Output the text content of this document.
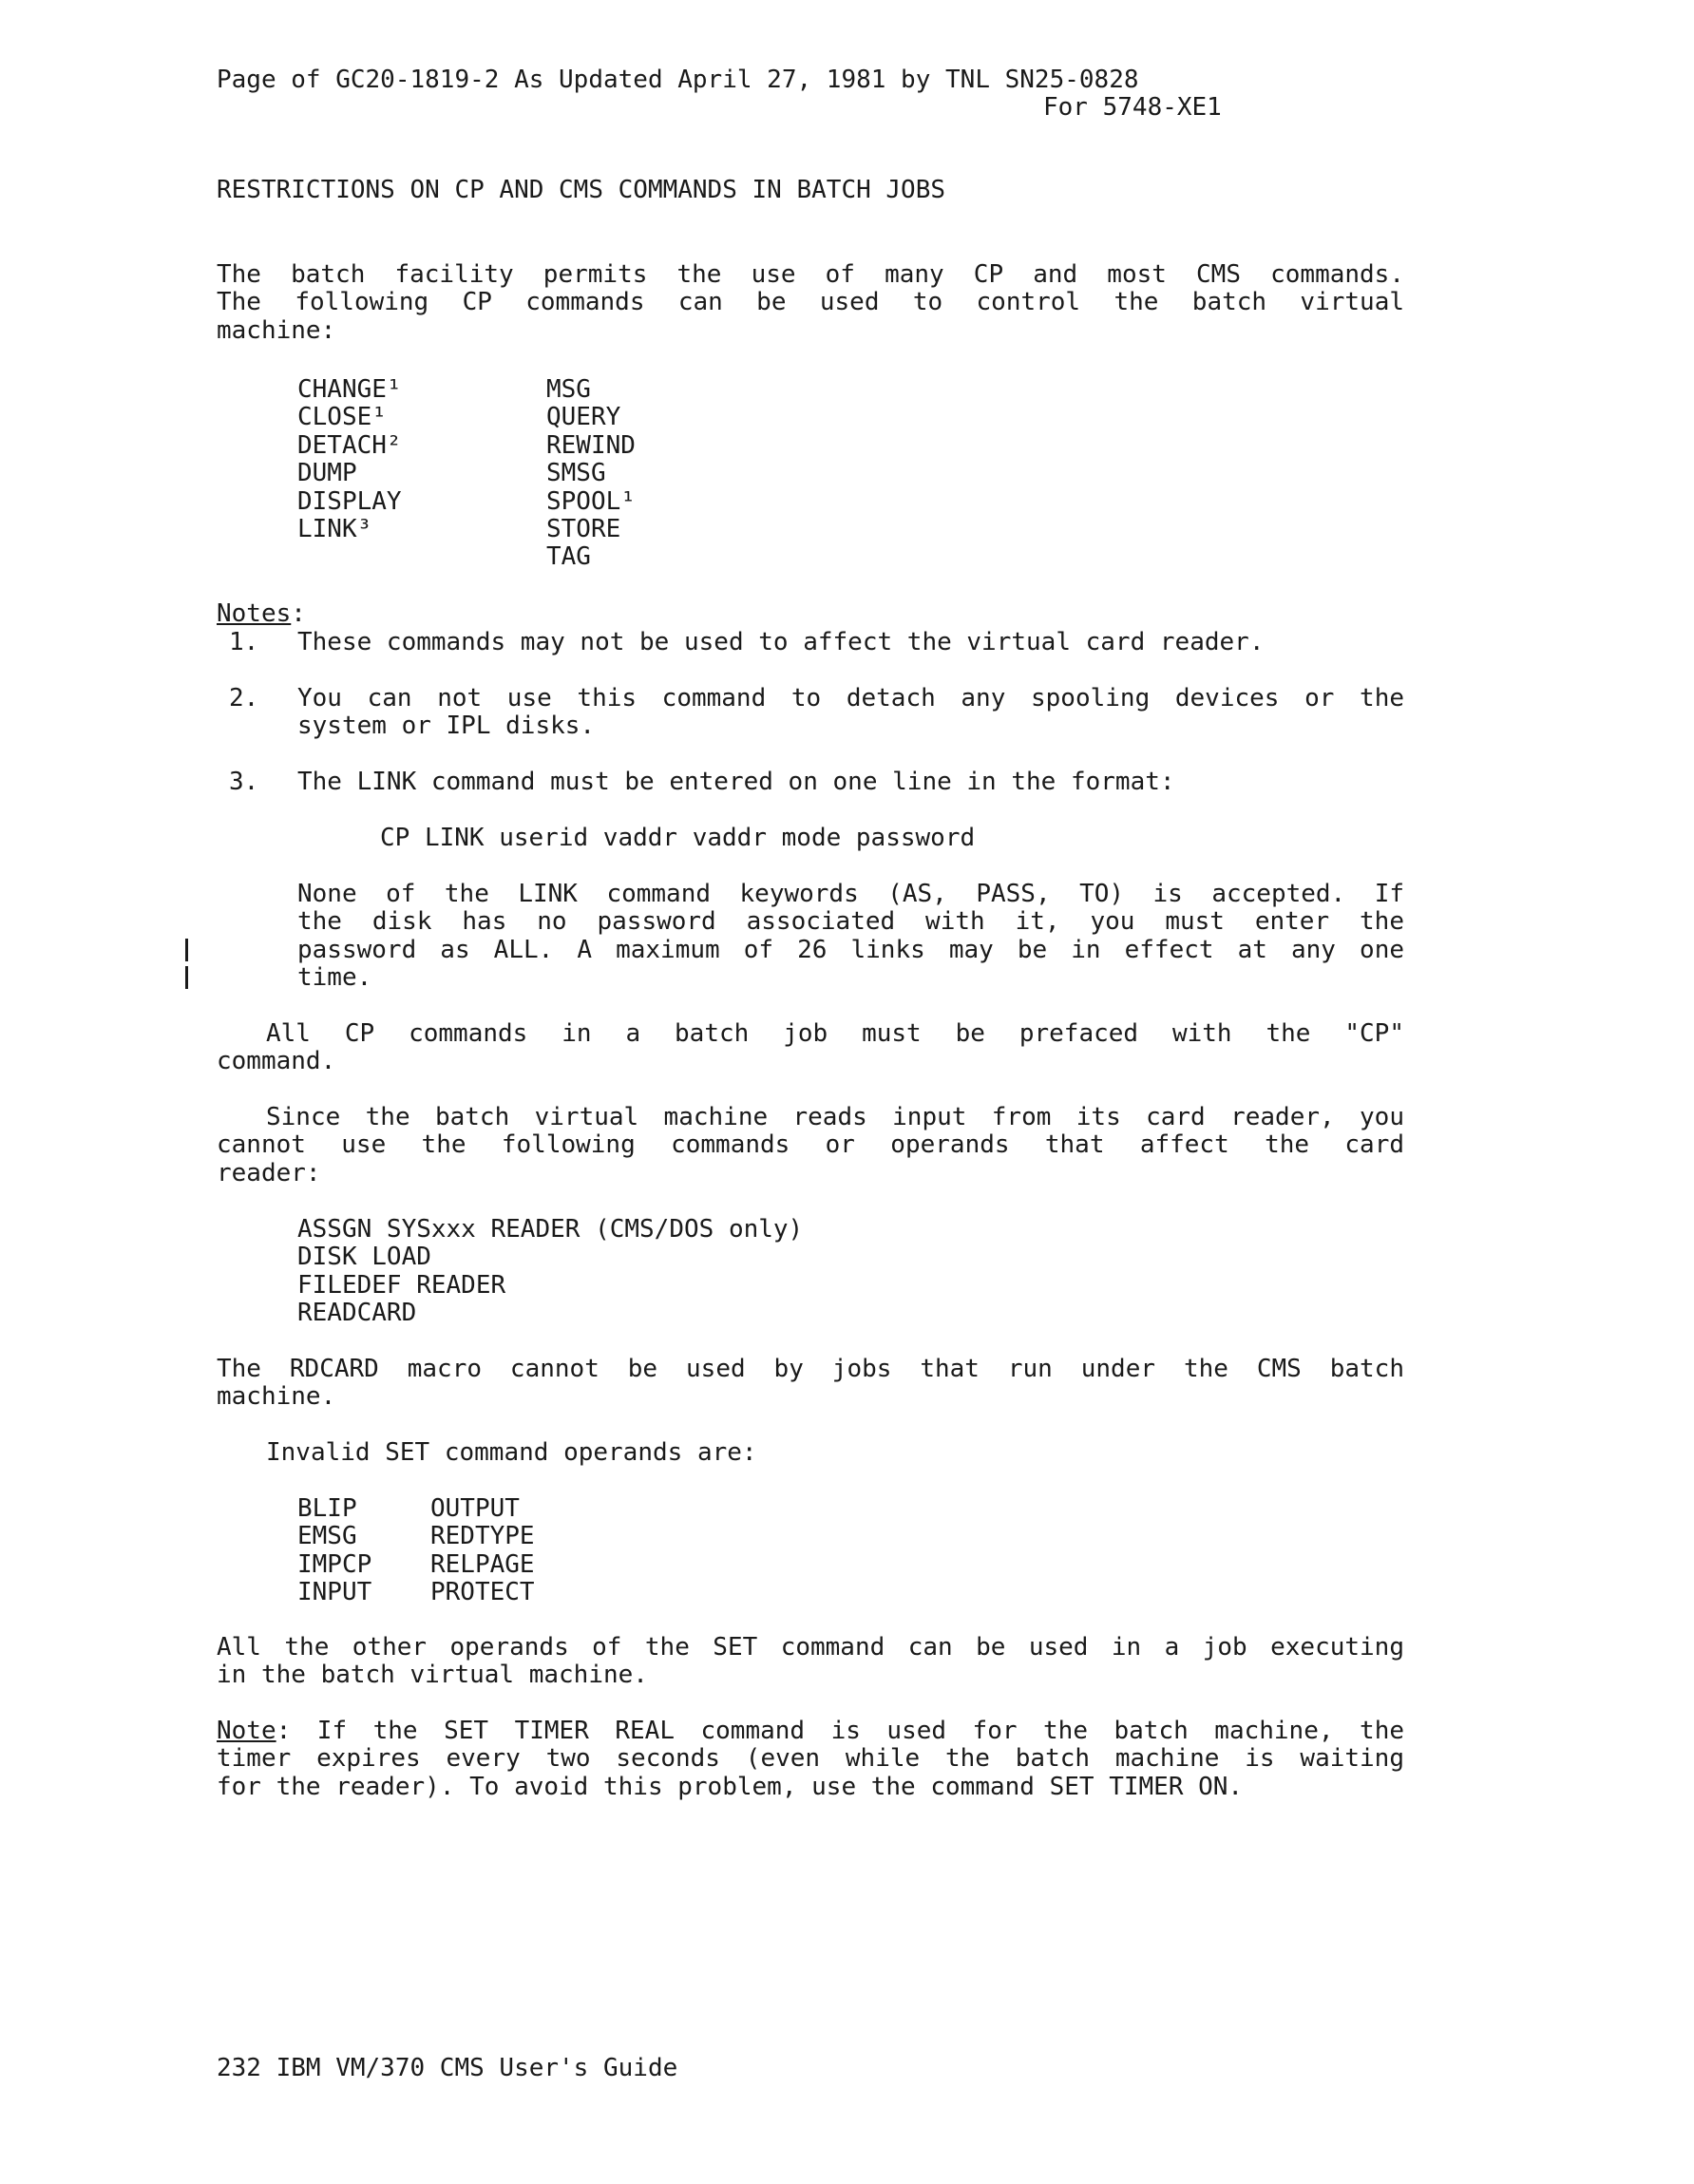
Page of GC20-1819-2 As Updated April 27, 1981 by TNL SN25-0828
For 5748-XE1
RESTRICTIONS ON CP AND CMS COMMANDS IN BATCH JOBS
The batch facility permits the use of many CP and most CMS commands.
The following CP commands can be used to control the batch virtual
machine:
CHANGE¹
CLOSE¹
DETACH²
DUMP
DISPLAY
LINK³
MSG
QUERY
REWIND
SMSG
SPOOL¹
STORE
TAG
Notes:
1. These commands may not be used to affect the virtual card reader.
2. You can not use this command to detach any spooling devices or the
system or IPL disks.
3. The LINK command must be entered on one line in the format:
CP LINK userid vaddr vaddr mode password
None of the LINK command keywords (AS, PASS, TO) is accepted. If
the disk has no password associated with it, you must enter the
password as ALL. A maximum of 26 links may be in effect at any one
time.
All CP commands in a batch job must be prefaced with the "CP"
command.
Since the batch virtual machine reads input from its card reader, you
cannot use the following commands or operands that affect the card
reader:
ASSGN SYSxxx READER (CMS/DOS only)
DISK LOAD
FILEDEF READER
READCARD
The RDCARD macro cannot be used by jobs that run under the CMS batch
machine.
Invalid SET command operands are:
BLIP
EMSG
IMPCP
INPUT
OUTPUT
REDTYPE
RELPAGE
PROTECT
All the other operands of the SET command can be used in a job executing
in the batch virtual machine.
Note: If the SET TIMER REAL command is used for the batch machine, the
timer expires every two seconds (even while the batch machine is waiting
for the reader). To avoid this problem, use the command SET TIMER ON.
232 IBM VM/370 CMS User's Guide
